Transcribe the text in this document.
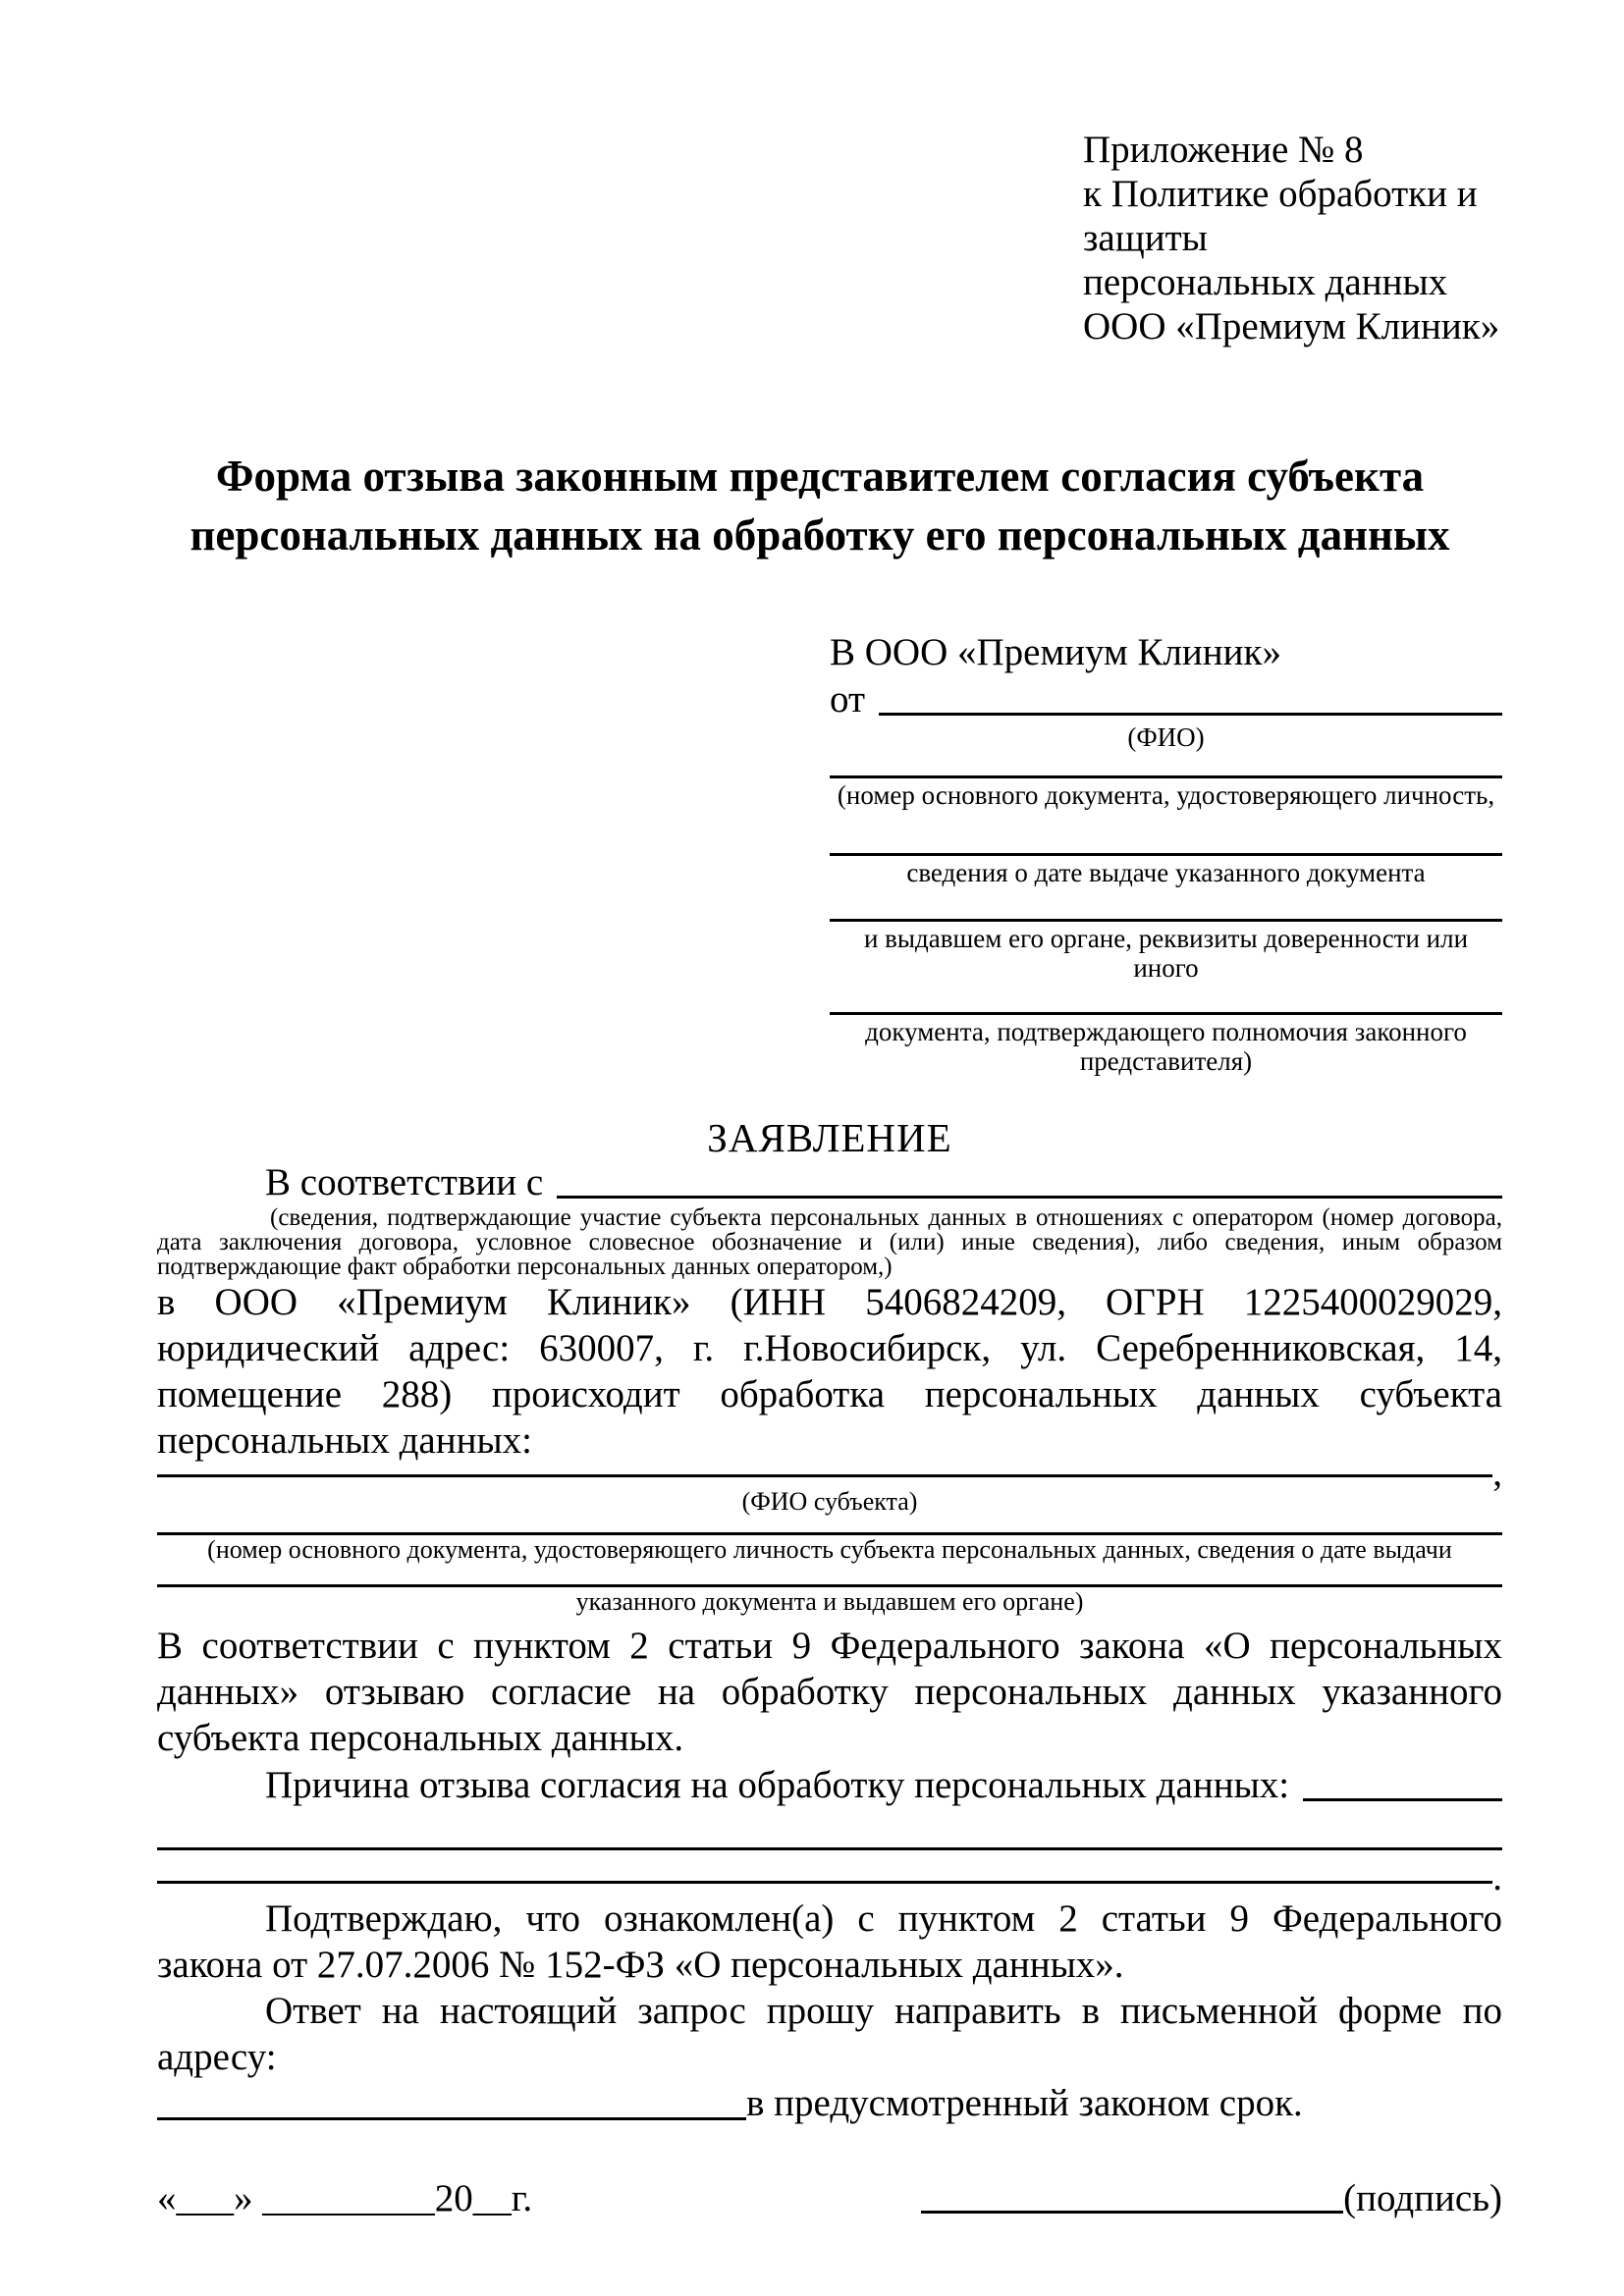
Приложение № 8
к Политике обработки и защиты
персональных данных
ООО «Премиум Клиник»
Форма отзыва законным представителем согласия субъекта
персональных данных на обработку его персональных данных
В ООО «Премиум Клиник»
от
(ФИО)
(номер основного документа, удостоверяющего личность,
сведения о дате выдаче указанного документа
и выдавшем его органе, реквизиты доверенности или иного
документа, подтверждающего полномочия законного представителя)
ЗАЯВЛЕНИЕ
В соответствии с
(сведения, подтверждающие участие субъекта персональных данных в отношениях с оператором (номер договора, дата заключения договора, условное словесное обозначение и (или) иные сведения), либо сведения, иным образом подтверждающие факт обработки персональных данных оператором,)
в ООО «Премиум Клиник» (ИНН 5406824209, ОГРН 1225400029029, юридический адрес: 630007, г. г.Новосибирск, ул. Серебренниковская, 14, помещение 288) происходит обработка персональных данных субъекта персональных данных:
,
(ФИО субъекта)
(номер основного документа, удостоверяющего личность субъекта персональных данных, сведения о дате выдачи
указанного документа и выдавшем его органе)
В соответствии с пунктом 2 статьи 9 Федерального закона «О персональных данных» отзываю согласие на обработку персональных данных указанного субъекта персональных данных.
Причина отзыва согласия на обработку персональных данных:
.
Подтверждаю, что ознакомлен(а) с пунктом 2 статьи 9 Федерального закона от 27.07.2006 № 152-ФЗ «О персональных данных».
Ответ на настоящий запрос прошу направить в письменной форме по адресу:
в предусмотренный законом срок.
«___» _________20__г.	(подпись)
